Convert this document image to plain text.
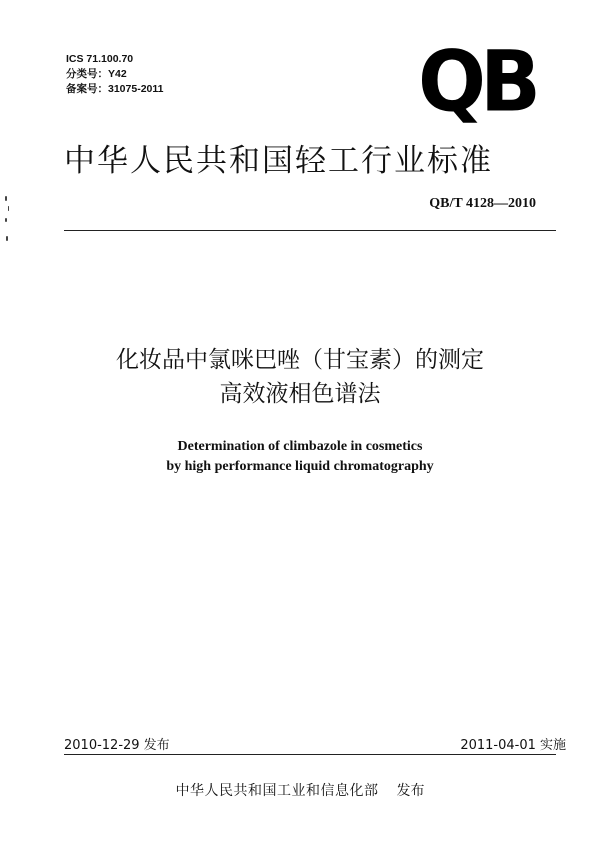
ICS 71.100.70
分类号：Y42
备案号：31075-2011	QB
中华人民共和国轻工行业标准
QB/T 4128—2010
化妆品中氯咪巴唑（甘宝素）的测定
高效液相色谱法
Determination of climbazole in cosmetics
by high performance liquid chromatography
2010-12-29 发布	2011-04-01 实施
中华人民共和国工业和信息化部 发布
